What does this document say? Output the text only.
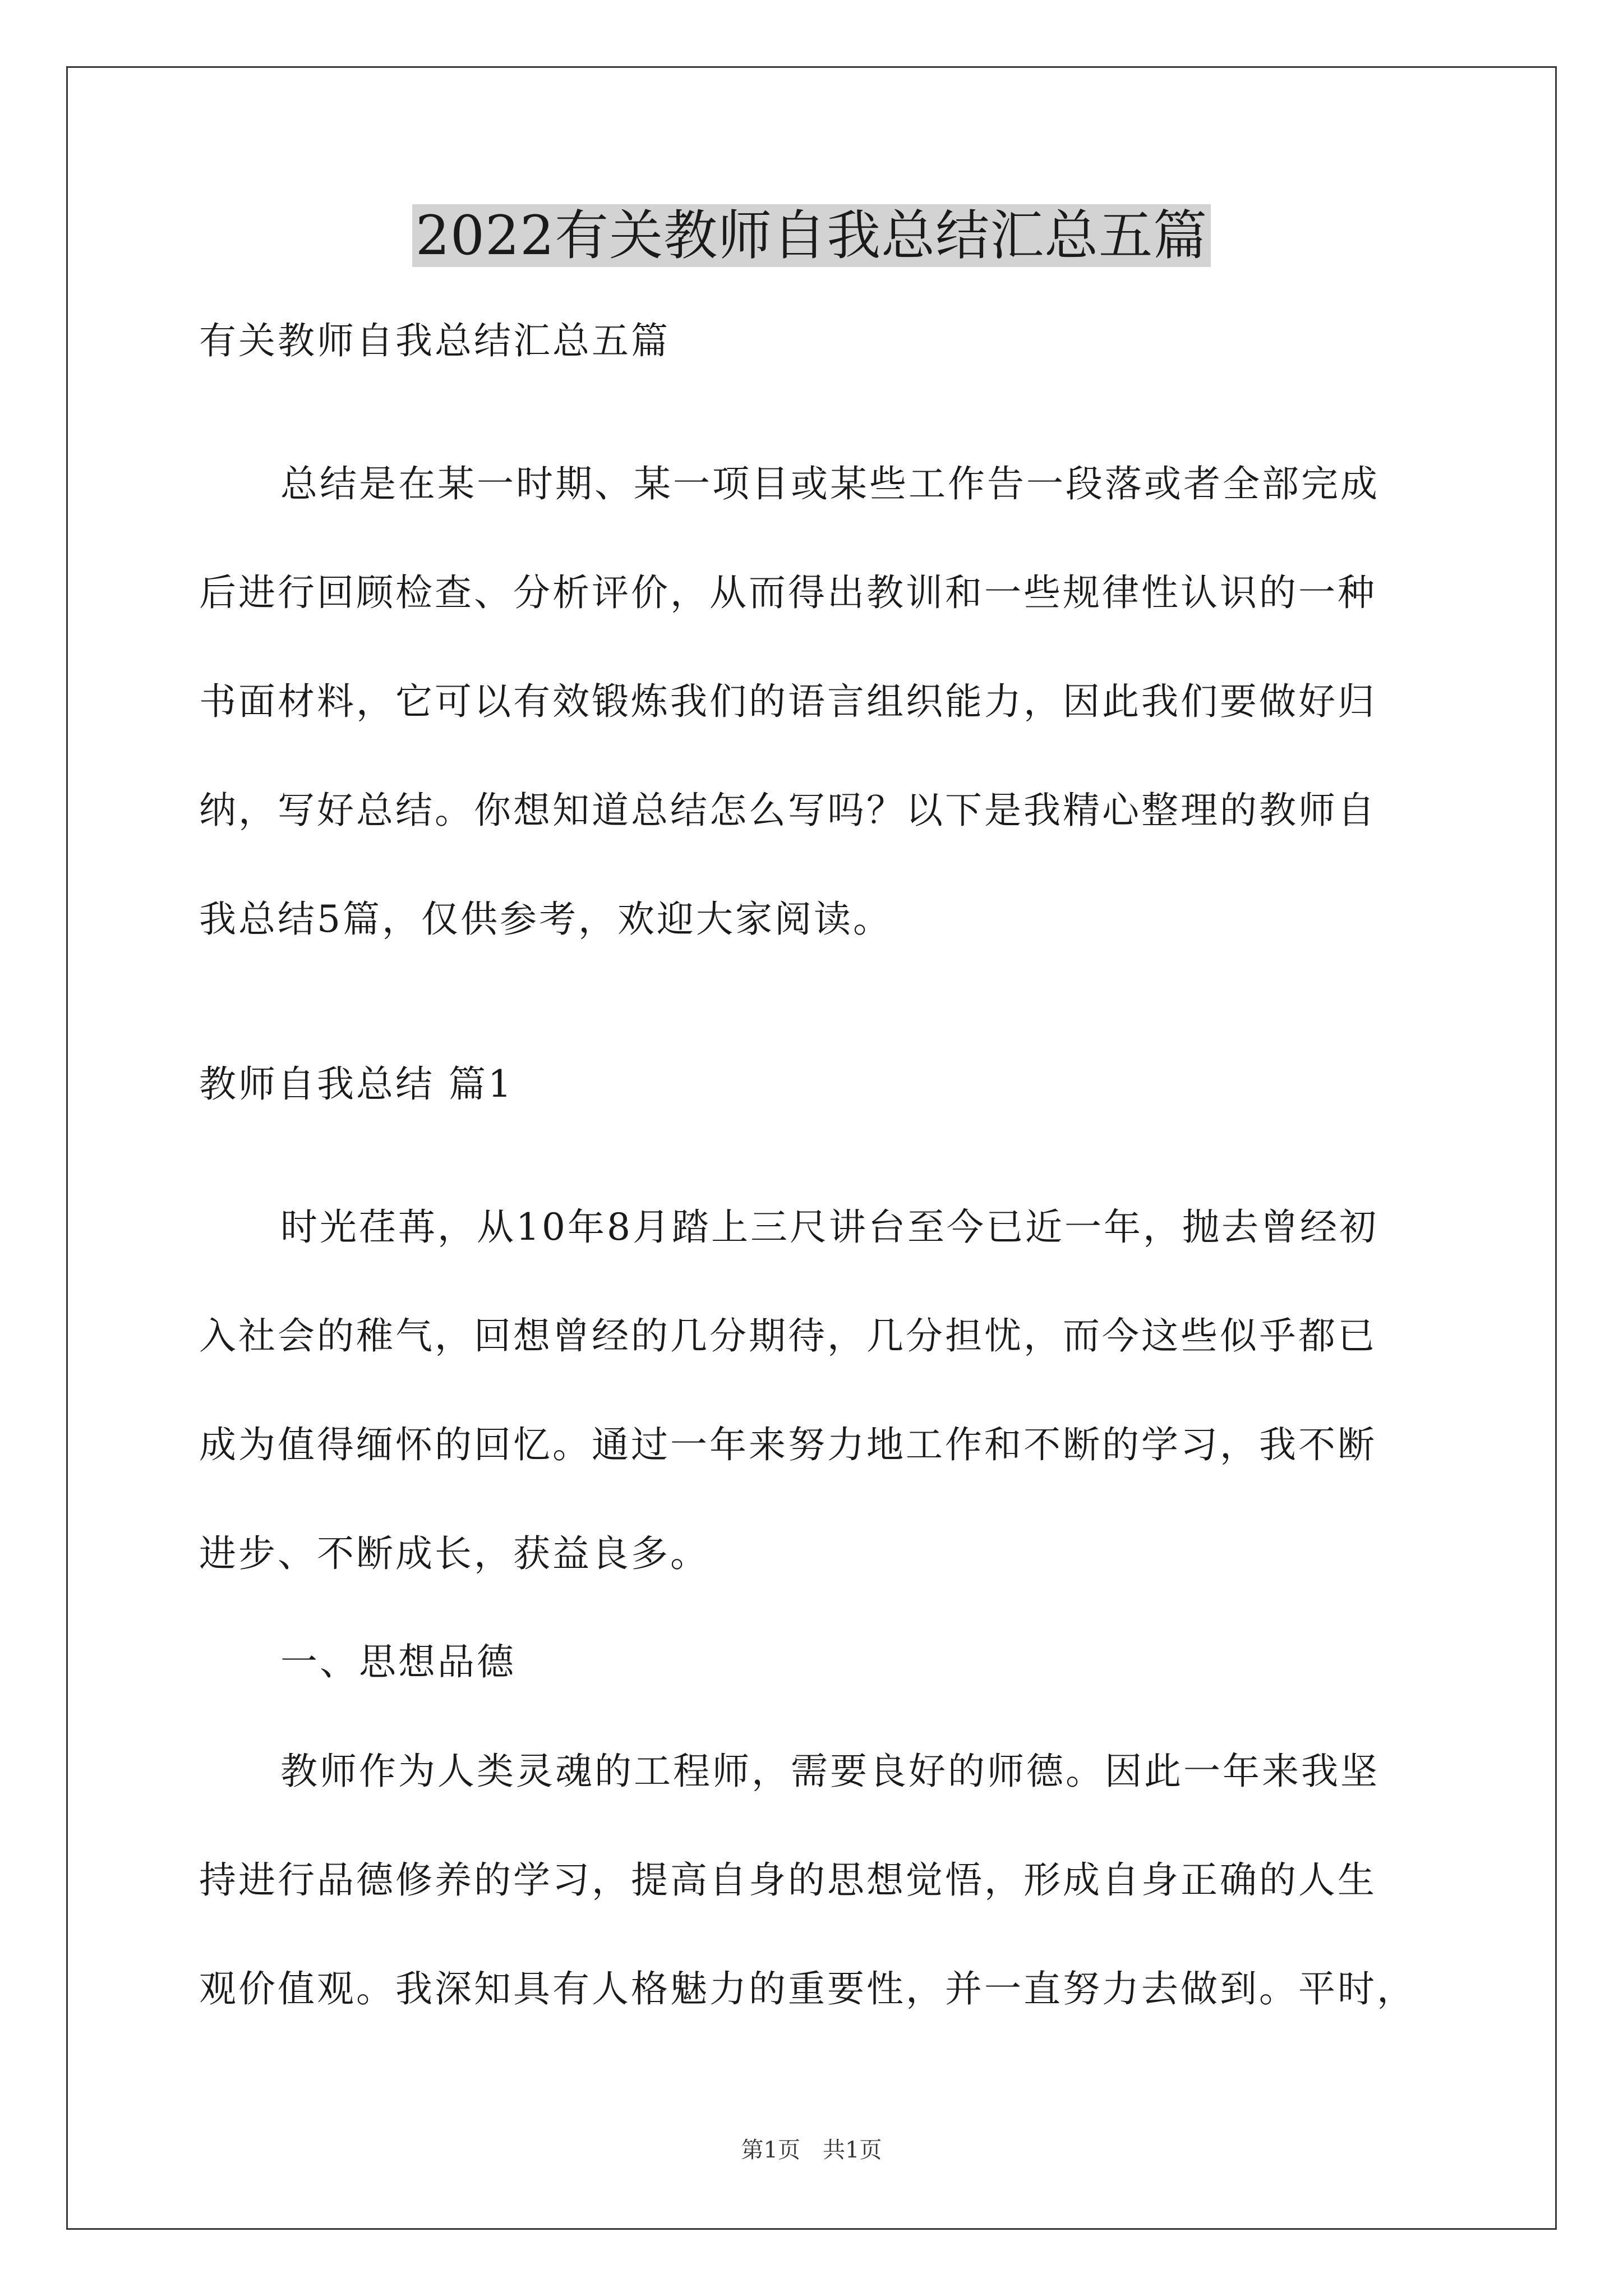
2022有关教师自我总结汇总五篇
有关教师自我总结汇总五篇
总结是在某一时期、某一项目或某些工作告一段落或者全部完成
后进行回顾检查、分析评价，从而得出教训和一些规律性认识的一种
书面材料，它可以有效锻炼我们的语言组织能力，因此我们要做好归
纳，写好总结。你想知道总结怎么写吗？以下是我精心整理的教师自
我总结5篇，仅供参考，欢迎大家阅读。
教师自我总结 篇1
时光荏苒，从10年8月踏上三尺讲台至今已近一年，抛去曾经初
入社会的稚气，回想曾经的几分期待，几分担忧，而今这些似乎都已
成为值得缅怀的回忆。通过一年来努力地工作和不断的学习，我不断
进步、不断成长，获益良多。
一、思想品德
教师作为人类灵魂的工程师，需要良好的师德。因此一年来我坚
持进行品德修养的学习，提高自身的思想觉悟，形成自身正确的人生
观价值观。我深知具有人格魅力的重要性，并一直努力去做到。平时，
第1页　共1页
